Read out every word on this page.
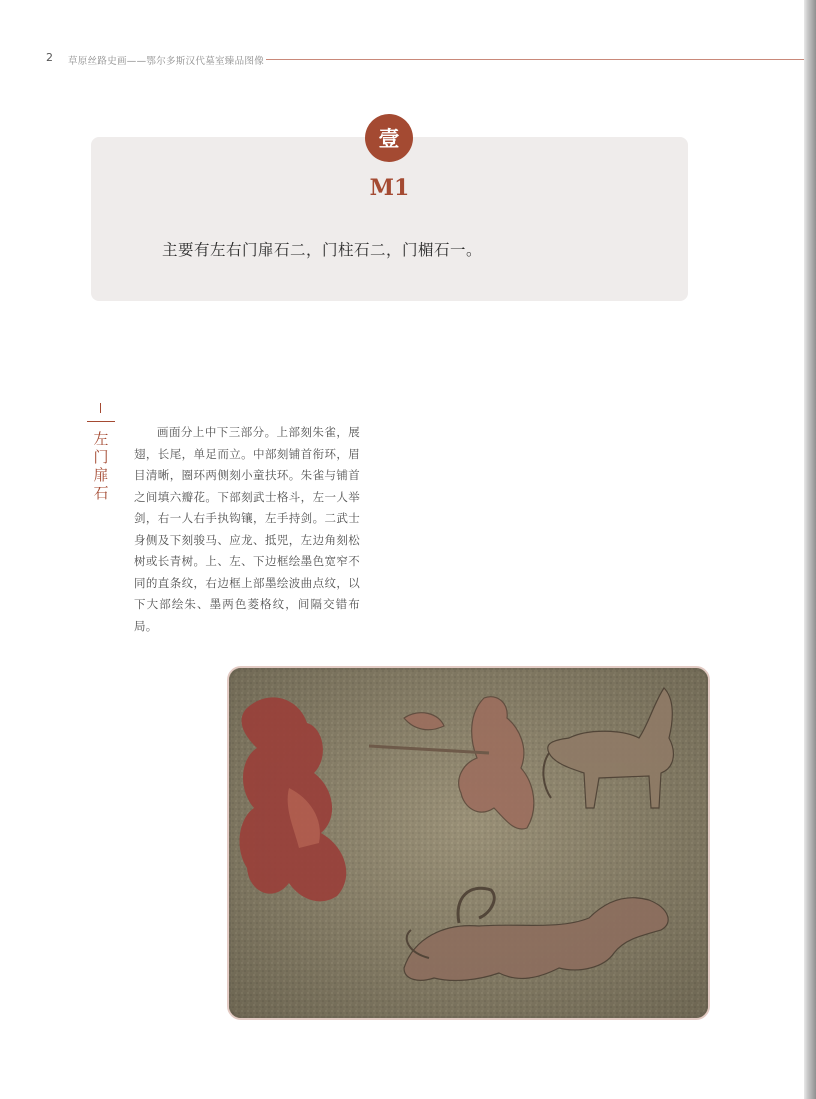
2 草原丝路史画——鄂尔多斯汉代墓室臻品图像
壹
M1
主要有左右门扉石二，门柱石二，门楣石一。
左门扉石
画面分上中下三部分。上部刻朱雀，展翅，长尾，单足而立。中部刻铺首衔环，眉目清晰，圈环两侧刻小童扶环。朱雀与铺首之间填六瓣花。下部刻武士格斗，左一人举剑，右一人右手执钩镶，左手持剑。二武士身侧及下刻骏马、应龙、抵兕，左边角刻松树或长青树。上、左、下边框绘墨色宽窄不同的直条纹，右边框上部墨绘波曲点纹，以下大部绘朱、墨两色菱格纹，间隔交错布局。
